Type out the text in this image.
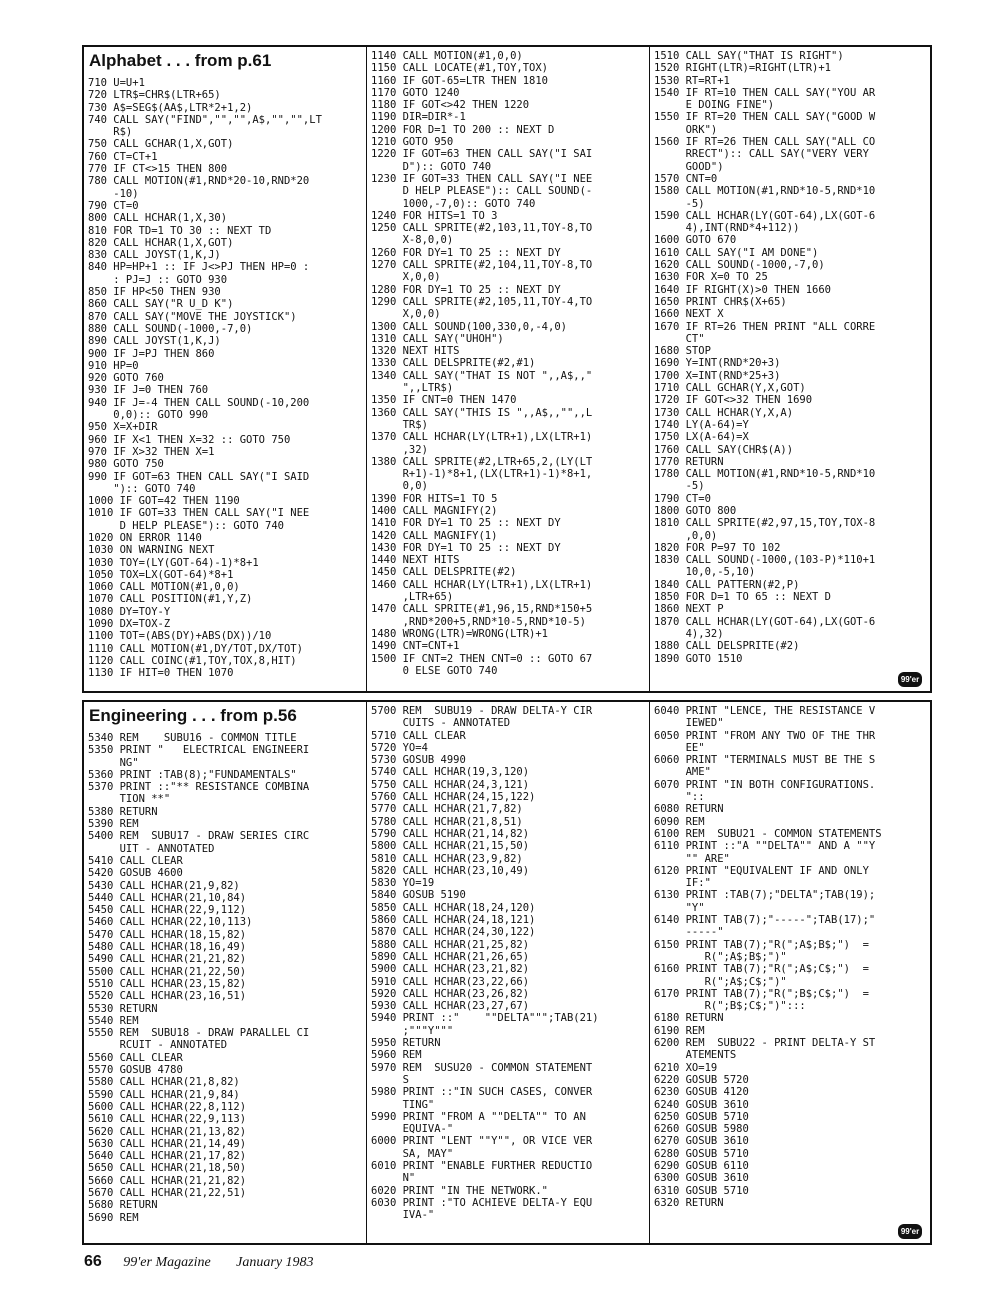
Alphabet . . . from p.61
710 U=U+1
720 LTR$=CHR$(LTR+65)
730 A$=SEG$(AA$,LTR*2+1,2)
740 CALL SAY("FIND","","",A$,"","",LT
R$)
750 CALL GCHAR(1,X,GOT)
760 CT=CT+1
770 IF CT<>15 THEN 800
780 CALL MOTION(#1,RND*20-10,RND*20
-10)
790 CT=0
800 CALL HCHAR(1,X,30)
810 FOR TD=1 TO 30 :: NEXT TD
820 CALL HCHAR(1,X,GOT)
830 CALL JOYST(1,K,J)
840 HP=HP+1 :: IF J<>PJ THEN HP=0 :
: PJ=J :: GOTO 930
850 IF HP<50 THEN 930
860 CALL SAY("R U_D K")
870 CALL SAY("MOVE THE JOYSTICK")
880 CALL SOUND(-1000,-7,0)
890 CALL JOYST(1,K,J)
900 IF J=PJ THEN 860
910 HP=0
920 GOTO 760
930 IF J=0 THEN 760
940 IF J=-4 THEN CALL SOUND(-10,200
0,0):: GOTO 990
950 X=X+DIR
960 IF X<1 THEN X=32 :: GOTO 750
970 IF X>32 THEN X=1
980 GOTO 750
990 IF GOT=63 THEN CALL SAY("I SAID
"):: GOTO 740
1000 IF GOT=42 THEN 1190
1010 IF GOT=33 THEN CALL SAY("I NEE
D HELP PLEASE"):: GOTO 740
1020 ON ERROR 1140
1030 ON WARNING NEXT
1030 TOY=(LY(GOT-64)-1)*8+1
1050 TOX=LX(GOT-64)*8+1
1060 CALL MOTION(#1,0,0)
1070 CALL POSITION(#1,Y,Z)
1080 DY=TOY-Y
1090 DX=TOX-Z
1100 TOT=(ABS(DY)+ABS(DX))/10
1110 CALL MOTION(#1,DY/TOT,DX/TOT)
1120 CALL COINC(#1,TOY,TOX,8,HIT)
1130 IF HIT=0 THEN 1070
1140 CALL MOTION(#1,0,0)
1150 CALL LOCATE(#1,TOY,TOX)
1160 IF GOT-65=LTR THEN 1810
1170 GOTO 1240
1180 IF GOT<>42 THEN 1220
1190 DIR=DIR*-1
1200 FOR D=1 TO 200 :: NEXT D
1210 GOTO 950
1220 IF GOT=63 THEN CALL SAY("I SAI
D"):: GOTO 740
1230 IF GOT=33 THEN CALL SAY("I NEE
D HELP PLEASE"):: CALL SOUND(-
1000,-7,0):: GOTO 740
1240 FOR HITS=1 TO 3
1250 CALL SPRITE(#2,103,11,TOY-8,TO
X-8,0,0)
1260 FOR DY=1 TO 25 :: NEXT DY
1270 CALL SPRITE(#2,104,11,TOY-8,TO
X,0,0)
1280 FOR DY=1 TO 25 :: NEXT DY
1290 CALL SPRITE(#2,105,11,TOY-4,TO
X,0,0)
1300 CALL SOUND(100,330,0,-4,0)
1310 CALL SAY("UHOH")
1320 NEXT HITS
1330 CALL DELSPRITE(#2,#1)
1340 CALL SAY("THAT IS NOT ",,A$,,"
",,LTR$)
1350 IF CNT=0 THEN 1470
1360 CALL SAY("THIS IS ",,A$,,"",,L
TR$)
1370 CALL HCHAR(LY(LTR+1),LX(LTR+1)
,32)
1380 CALL SPRITE(#2,LTR+65,2,(LY(LT
R+1)-1)*8+1,(LX(LTR+1)-1)*8+1,
0,0)
1390 FOR HITS=1 TO 5
1400 CALL MAGNIFY(2)
1410 FOR DY=1 TO 25 :: NEXT DY
1420 CALL MAGNIFY(1)
1430 FOR DY=1 TO 25 :: NEXT DY
1440 NEXT HITS
1450 CALL DELSPRITE(#2)
1460 CALL HCHAR(LY(LTR+1),LX(LTR+1)
,LTR+65)
1470 CALL SPRITE(#1,96,15,RND*150+5
,RND*200+5,RND*10-5,RND*10-5)
1480 WRONG(LTR)=WRONG(LTR)+1
1490 CNT=CNT+1
1500 IF CNT=2 THEN CNT=0 :: GOTO 67
0 ELSE GOTO 740
1510 CALL SAY("THAT IS RIGHT")
1520 RIGHT(LTR)=RIGHT(LTR)+1
1530 RT=RT+1
1540 IF RT=10 THEN CALL SAY("YOU AR
E DOING FINE")
1550 IF RT=20 THEN CALL SAY("GOOD W
ORK")
1560 IF RT=26 THEN CALL SAY("ALL CO
RRECT"):: CALL SAY("VERY VERY
GOOD")
1570 CNT=0
1580 CALL MOTION(#1,RND*10-5,RND*10
-5)
1590 CALL HCHAR(LY(GOT-64),LX(GOT-6
4),INT(RND*4+112))
1600 GOTO 670
1610 CALL SAY("I AM DONE")
1620 CALL SOUND(-1000,-7,0)
1630 FOR X=0 TO 25
1640 IF RIGHT(X)>0 THEN 1660
1650 PRINT CHR$(X+65)
1660 NEXT X
1670 IF RT=26 THEN PRINT "ALL CORRE
CT"
1680 STOP
1690 Y=INT(RND*20+3)
1700 X=INT(RND*25+3)
1710 CALL GCHAR(Y,X,GOT)
1720 IF GOT<>32 THEN 1690
1730 CALL HCHAR(Y,X,A)
1740 LY(A-64)=Y
1750 LX(A-64)=X
1760 CALL SAY(CHR$(A))
1770 RETURN
1780 CALL MOTION(#1,RND*10-5,RND*10
-5)
1790 CT=0
1800 GOTO 800
1810 CALL SPRITE(#2,97,15,TOY,TOX-8
,0,0)
1820 FOR P=97 TO 102
1830 CALL SOUND(-1000,(103-P)*110+1
10,0,-5,10)
1840 CALL PATTERN(#2,P)
1850 FOR D=1 TO 65 :: NEXT D
1860 NEXT P
1870 CALL HCHAR(LY(GOT-64),LX(GOT-6
4),32)
1880 CALL DELSPRITE(#2)
1890 GOTO 1510
99'er
Engineering . . . from p.56
5340 REM    SUBU16 - COMMON TITLE
5350 PRINT "   ELECTRICAL ENGINEERI
NG"
5360 PRINT :TAB(8);"FUNDAMENTALS"
5370 PRINT ::"** RESISTANCE COMBINA
TION **"
5380 RETURN
5390 REM
5400 REM  SUBU17 - DRAW SERIES CIRC
UIT - ANNOTATED
5410 CALL CLEAR
5420 GOSUB 4600
5430 CALL HCHAR(21,9,82)
5440 CALL HCHAR(21,10,84)
5450 CALL HCHAR(22,9,112)
5460 CALL HCHAR(22,10,113)
5470 CALL HCHAR(18,15,82)
5480 CALL HCHAR(18,16,49)
5490 CALL HCHAR(21,21,82)
5500 CALL HCHAR(21,22,50)
5510 CALL HCHAR(23,15,82)
5520 CALL HCHAR(23,16,51)
5530 RETURN
5540 REM
5550 REM  SUBU18 - DRAW PARALLEL CI
RCUIT - ANNOTATED
5560 CALL CLEAR
5570 GOSUB 4780
5580 CALL HCHAR(21,8,82)
5590 CALL HCHAR(21,9,84)
5600 CALL HCHAR(22,8,112)
5610 CALL HCHAR(22,9,113)
5620 CALL HCHAR(21,13,82)
5630 CALL HCHAR(21,14,49)
5640 CALL HCHAR(21,17,82)
5650 CALL HCHAR(21,18,50)
5660 CALL HCHAR(21,21,82)
5670 CALL HCHAR(21,22,51)
5680 RETURN
5690 REM
5700 REM  SUBU19 - DRAW DELTA-Y CIR
CUITS - ANNOTATED
5710 CALL CLEAR
5720 YO=4
5730 GOSUB 4990
5740 CALL HCHAR(19,3,120)
5750 CALL HCHAR(24,3,121)
5760 CALL HCHAR(24,15,122)
5770 CALL HCHAR(21,7,82)
5780 CALL HCHAR(21,8,51)
5790 CALL HCHAR(21,14,82)
5800 CALL HCHAR(21,15,50)
5810 CALL HCHAR(23,9,82)
5820 CALL HCHAR(23,10,49)
5830 YO=19
5840 GOSUB 5190
5850 CALL HCHAR(18,24,120)
5860 CALL HCHAR(24,18,121)
5870 CALL HCHAR(24,30,122)
5880 CALL HCHAR(21,25,82)
5890 CALL HCHAR(21,26,65)
5900 CALL HCHAR(23,21,82)
5910 CALL HCHAR(23,22,66)
5920 CALL HCHAR(23,26,82)
5930 CALL HCHAR(23,27,67)
5940 PRINT ::"    ""DELTA""";TAB(21)
;"""Y"""
5950 RETURN
5960 REM
5970 REM  SUSU20 - COMMON STATEMENT
S
5980 PRINT ::"IN SUCH CASES, CONVER
TING"
5990 PRINT "FROM A ""DELTA"" TO AN
EQUIVA-"
6000 PRINT "LENT ""Y"", OR VICE VER
SA, MAY"
6010 PRINT "ENABLE FURTHER REDUCTIO
N"
6020 PRINT "IN THE NETWORK."
6030 PRINT :"TO ACHIEVE DELTA-Y EQU
IVA-"
6040 PRINT "LENCE, THE RESISTANCE V
IEWED"
6050 PRINT "FROM ANY TWO OF THE THR
EE"
6060 PRINT "TERMINALS MUST BE THE S
AME"
6070 PRINT "IN BOTH CONFIGURATIONS.
"::
6080 RETURN
6090 REM
6100 REM  SUBU21 - COMMON STATEMENTS
6110 PRINT ::"A ""DELTA"" AND A ""Y
"" ARE"
6120 PRINT "EQUIVALENT IF AND ONLY
IF:"
6130 PRINT :TAB(7);"DELTA";TAB(19);
"Y"
6140 PRINT TAB(7);"-----";TAB(17);"
-----"
6150 PRINT TAB(7);"R(";A$;B$;")  =
R(";A$;B$;")"
6160 PRINT TAB(7);"R(";A$;C$;")  =
R(";A$;C$;")"
6170 PRINT TAB(7);"R(";B$;C$;")  =
R(";B$;C$;")":::
6180 RETURN
6190 REM
6200 REM  SUBU22 - PRINT DELTA-Y ST
ATEMENTS
6210 XO=19
6220 GOSUB 5720
6230 GOSUB 4120
6240 GOSUB 3610
6250 GOSUB 5710
6260 GOSUB 5980
6270 GOSUB 3610
6280 GOSUB 5710
6290 GOSUB 6110
6300 GOSUB 3610
6310 GOSUB 5710
6320 RETURN
99'er
66 99'er Magazine January 1983
